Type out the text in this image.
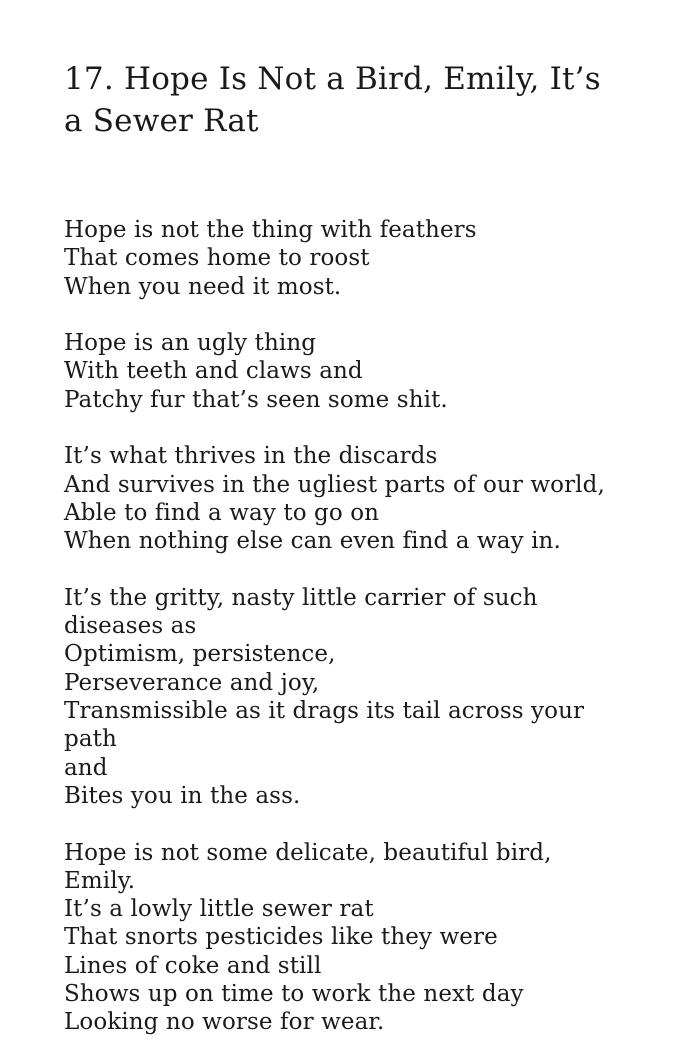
17. Hope Is Not a Bird, Emily, It’s
a Sewer Rat

Hope is not the thing with feathers
That comes home to roost
When you need it most.

Hope is an ugly thing
With teeth and claws and
Patchy fur that’s seen some shit.

It’s what thrives in the discards
And survives in the ugliest parts of our world,
Able to find a way to go on
When nothing else can even find a way in.

It’s the gritty, nasty little carrier of such
diseases as
Optimism, persistence,
Perseverance and joy,
Transmissible as it drags its tail across your
path
and
Bites you in the ass.

Hope is not some delicate, beautiful bird,
Emily.
It’s a lowly little sewer rat
That snorts pesticides like they were
Lines of coke and still
Shows up on time to work the next day
Looking no worse for wear.
